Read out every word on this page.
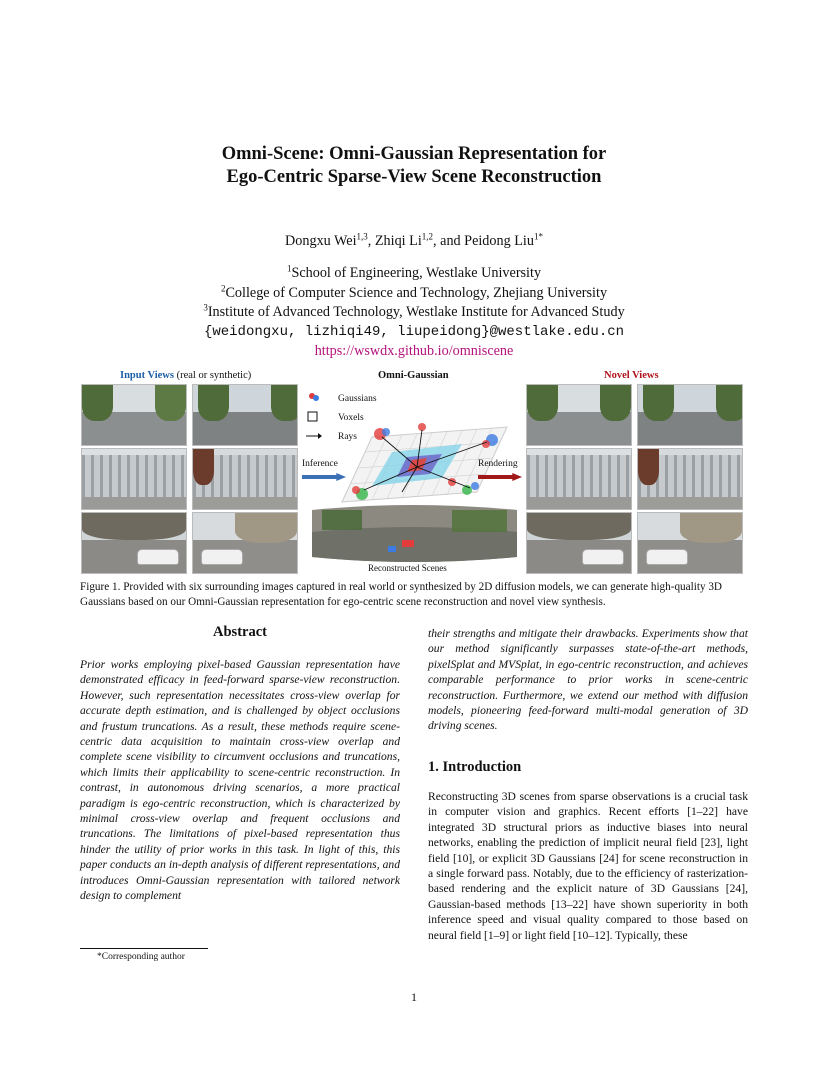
Omni-Scene: Omni-Gaussian Representation for
Ego-Centric Sparse-View Scene Reconstruction
Dongxu Wei$^{1,3}$, Zhiqi Li$^{1,2}$, and Peidong Liu$^{1*}$
$^1$School of Engineering, Westlake University
$^2$College of Computer Science and Technology, Zhejiang University
$^3$Institute of Advanced Technology, Westlake Institute for Advanced Study
{weidongxu, lizhiqi49, liupeidong}@westlake.edu.cn
https://wswdx.github.io/omniscene
Input Views (real or synthetic)	Omni-Gaussian	Novel Views
Gaussians
Voxels
Rays
Inference	Rendering
Reconstructed Scenes
Figure 1. Provided with six surrounding images captured in real world or synthesized by 2D diffusion models, we can generate high-quality 3D Gaussians based on our Omni-Gaussian representation for ego-centric scene reconstruction and novel view synthesis.
Abstract
Prior works employing pixel-based Gaussian representation have demonstrated efficacy in feed-forward sparse-view reconstruction. However, such representation necessitates cross-view overlap for accurate depth estimation, and is challenged by object occlusions and frustum truncations. As a result, these methods require scene-centric data acquisition to maintain cross-view overlap and complete scene visibility to circumvent occlusions and truncations, which limits their applicability to scene-centric reconstruction. In contrast, in autonomous driving scenarios, a more practical paradigm is ego-centric reconstruction, which is characterized by minimal cross-view overlap and frequent occlusions and truncations. The limitations of pixel-based representation thus hinder the utility of prior works in this task. In light of this, this paper conducts an in-depth analysis of different representations, and introduces Omni-Gaussian representation with tailored network design to complement
*Corresponding author
their strengths and mitigate their drawbacks. Experiments show that our method significantly surpasses state-of-the-art methods, pixelSplat and MVSplat, in ego-centric reconstruction, and achieves comparable performance to prior works in scene-centric reconstruction. Furthermore, we extend our method with diffusion models, pioneering feed-forward multi-modal generation of 3D driving scenes.
1. Introduction
Reconstructing 3D scenes from sparse observations is a crucial task in computer vision and graphics. Recent efforts [1–22] have integrated 3D structural priors as inductive biases into neural networks, enabling the prediction of implicit neural field [23], light field [10], or explicit 3D Gaussians [24] for scene reconstruction in a single forward pass. Notably, due to the efficiency of rasterization-based rendering and the explicit nature of 3D Gaussians [24], Gaussian-based methods [13–22] have shown superiority in both inference speed and visual quality compared to those based on neural field [1–9] or light field [10–12]. Typically, these
1
